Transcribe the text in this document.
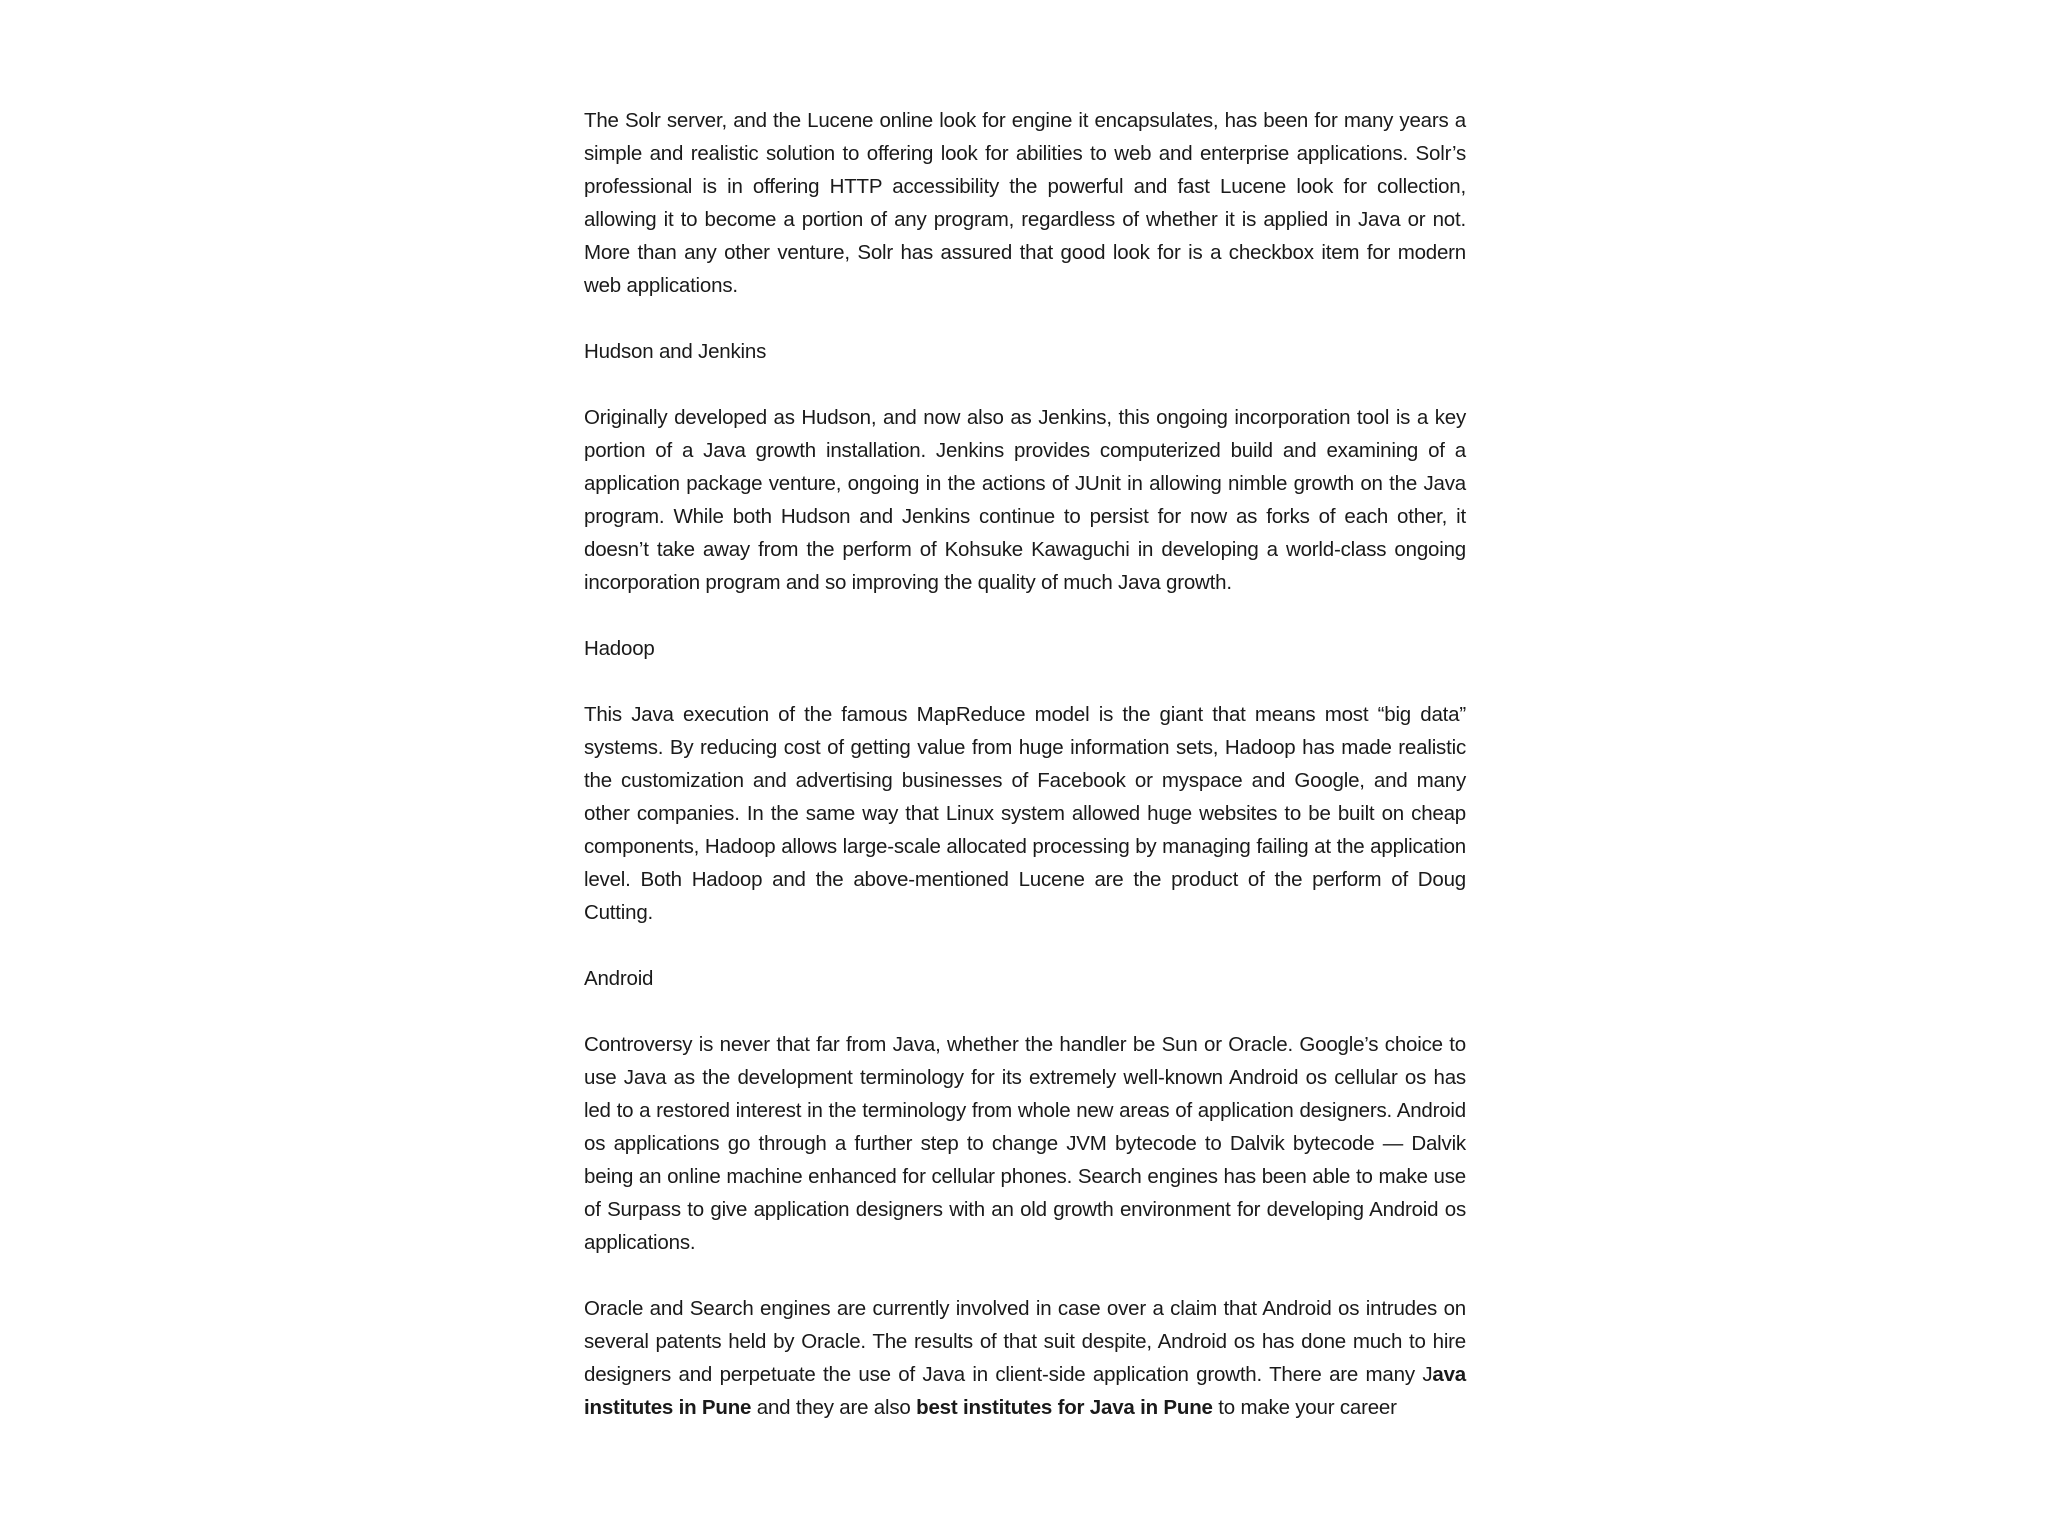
The Solr server, and the Lucene online look for engine it encapsulates, has been for many years a simple and realistic solution to offering look for abilities to web and enterprise applications. Solr’s professional is in offering HTTP accessibility the powerful and fast Lucene look for collection, allowing it to become a portion of any program, regardless of whether it is applied in Java or not. More than any other venture, Solr has assured that good look for is a checkbox item for modern web applications.

Hudson and Jenkins

Originally developed as Hudson, and now also as Jenkins, this ongoing incorporation tool is a key portion of a Java growth installation. Jenkins provides computerized build and examining of a application package venture, ongoing in the actions of JUnit in allowing nimble growth on the Java program. While both Hudson and Jenkins continue to persist for now as forks of each other, it doesn’t take away from the perform of Kohsuke Kawaguchi in developing a world-class ongoing incorporation program and so improving the quality of much Java growth.

Hadoop

This Java execution of the famous MapReduce model is the giant that means most “big data” systems. By reducing cost of getting value from huge information sets, Hadoop has made realistic the customization and advertising businesses of Facebook or myspace and Google, and many other companies. In the same way that Linux system allowed huge websites to be built on cheap components, Hadoop allows large-scale allocated processing by managing failing at the application level. Both Hadoop and the above-mentioned Lucene are the product of the perform of Doug Cutting.

Android

Controversy is never that far from Java, whether the handler be Sun or Oracle. Google’s choice to use Java as the development terminology for its extremely well-known Android os cellular os has led to a restored interest in the terminology from whole new areas of application designers. Android os applications go through a further step to change JVM bytecode to Dalvik bytecode — Dalvik being an online machine enhanced for cellular phones. Search engines has been able to make use of Surpass to give application designers with an old growth environment for developing Android os applications.

Oracle and Search engines are currently involved in case over a claim that Android os intrudes on several patents held by Oracle. The results of that suit despite, Android os has done much to hire designers and perpetuate the use of Java in client-side application growth. There are many Java institutes in Pune and they are also best institutes for Java in Pune to make your career
